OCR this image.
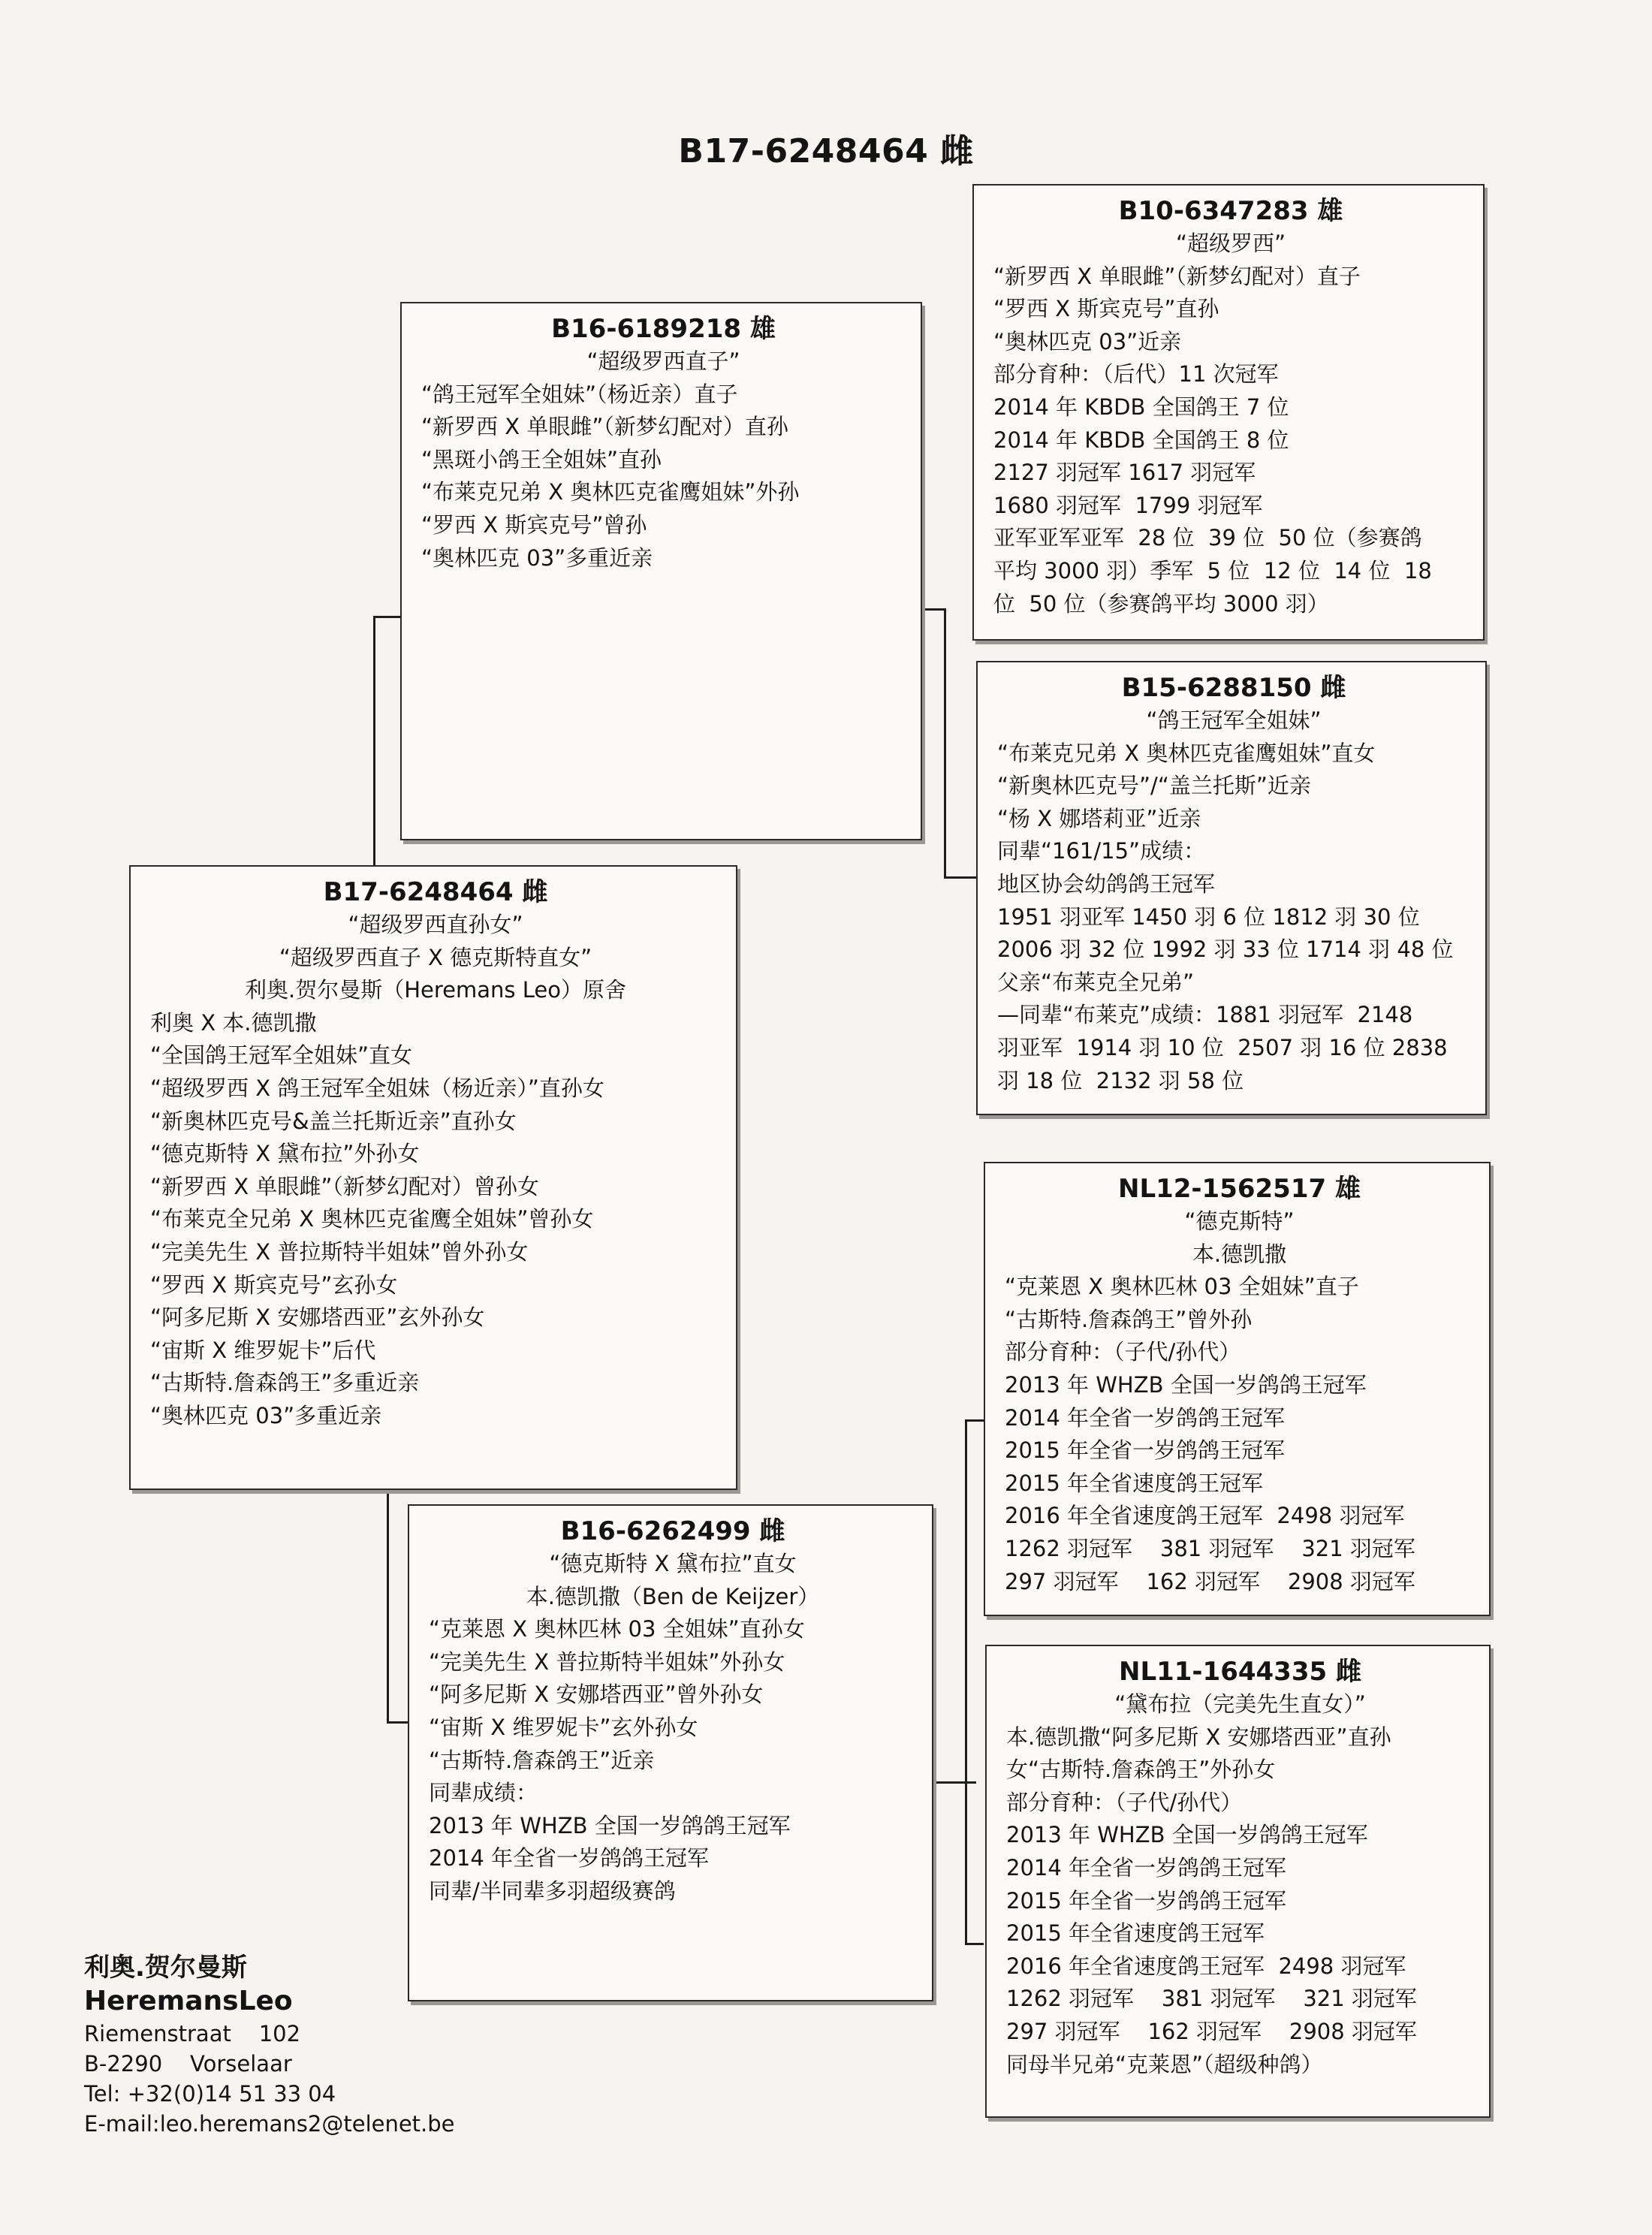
B17-6248464 雌
B16-6189218 雄
“超级罗西直子”
“鸽王冠军全姐妹”（杨近亲）直子
“新罗西 X 单眼雌”（新梦幻配对）直孙
“黑斑小鸽王全姐妹”直孙
“布莱克兄弟 X 奥林匹克雀鹰姐妹”外孙
“罗西 X 斯宾克号”曾孙
“奥林匹克 03”多重近亲
B10-6347283 雄
“超级罗西”
“新罗西 X 单眼雌”（新梦幻配对）直子
“罗西 X 斯宾克号”直孙
“奥林匹克 03”近亲
部分育种：（后代）11 次冠军
2014 年 KBDB 全国鸽王 7 位
2014 年 KBDB 全国鸽王 8 位
2127 羽冠军 1617 羽冠军
1680 羽冠军  1799 羽冠军
亚军亚军亚军  28 位  39 位  50 位（参赛鸽
平均 3000 羽）季军  5 位  12 位  14 位  18
位  50 位（参赛鸽平均 3000 羽）
B15-6288150 雌
“鸽王冠军全姐妹”
“布莱克兄弟 X 奥林匹克雀鹰姐妹”直女
“新奥林匹克号”/“盖兰托斯”近亲
“杨 X 娜塔莉亚”近亲
同辈“161/15”成绩：
地区协会幼鸽鸽王冠军
1951 羽亚军 1450 羽 6 位 1812 羽 30 位
2006 羽 32 位 1992 羽 33 位 1714 羽 48 位
父亲“布莱克全兄弟”
—同辈“布莱克”成绩：1881 羽冠军  2148
羽亚军  1914 羽 10 位  2507 羽 16 位 2838
羽 18 位  2132 羽 58 位
B17-6248464 雌
“超级罗西直孙女”
“超级罗西直子 X 德克斯特直女”
利奥.贺尔曼斯（Heremans Leo）原舍
利奥 X 本.德凯撒
“全国鸽王冠军全姐妹”直女
“超级罗西 X 鸽王冠军全姐妹（杨近亲）”直孙女
“新奥林匹克号&盖兰托斯近亲”直孙女
“德克斯特 X 黛布拉”外孙女
“新罗西 X 单眼雌”（新梦幻配对）曾孙女
“布莱克全兄弟 X 奥林匹克雀鹰全姐妹”曾孙女
“完美先生 X 普拉斯特半姐妹”曾外孙女
“罗西 X 斯宾克号”玄孙女
“阿多尼斯 X 安娜塔西亚”玄外孙女
“宙斯 X 维罗妮卡”后代
“古斯特.詹森鸽王”多重近亲
“奥林匹克 03”多重近亲
B16-6262499 雌
“德克斯特 X 黛布拉”直女
本.德凯撒（Ben de Keijzer）
“克莱恩 X 奥林匹林 03 全姐妹”直孙女
“完美先生 X 普拉斯特半姐妹”外孙女
“阿多尼斯 X 安娜塔西亚”曾外孙女
“宙斯 X 维罗妮卡”玄外孙女
“古斯特.詹森鸽王”近亲
同辈成绩：
2013 年 WHZB 全国一岁鸽鸽王冠军
2014 年全省一岁鸽鸽王冠军
同辈/半同辈多羽超级赛鸽
NL12-1562517 雄
“德克斯特”
本.德凯撒
“克莱恩 X 奥林匹林 03 全姐妹”直子
“古斯特.詹森鸽王”曾外孙
部分育种：（子代/孙代）
2013 年 WHZB 全国一岁鸽鸽王冠军
2014 年全省一岁鸽鸽王冠军
2015 年全省一岁鸽鸽王冠军
2015 年全省速度鸽王冠军
2016 年全省速度鸽王冠军  2498 羽冠军
1262 羽冠军    381 羽冠军    321 羽冠军
297 羽冠军    162 羽冠军    2908 羽冠军
NL11-1644335 雌
“黛布拉（完美先生直女）”
本.德凯撒“阿多尼斯 X 安娜塔西亚”直孙
女“古斯特.詹森鸽王”外孙女
部分育种：（子代/孙代）
2013 年 WHZB 全国一岁鸽鸽王冠军
2014 年全省一岁鸽鸽王冠军
2015 年全省一岁鸽鸽王冠军
2015 年全省速度鸽王冠军
2016 年全省速度鸽王冠军  2498 羽冠军
1262 羽冠军    381 羽冠军    321 羽冠军
297 羽冠军    162 羽冠军    2908 羽冠军
同母半兄弟“克莱恩”（超级种鸽）
利奥.贺尔曼斯
HeremansLeo
Riemenstraat    102
B-2290    Vorselaar
Tel: +32(0)14 51 33 04
E-mail:leo.heremans2@telenet.be
